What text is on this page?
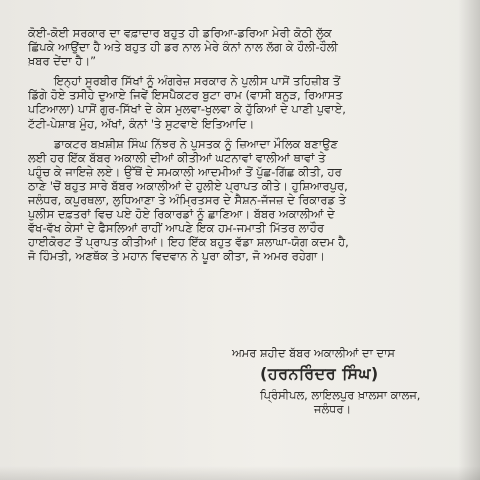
ਕੋਈ-ਕੋਈ ਸਰਕਾਰ ਦਾ ਵਫ਼ਾਦਾਰ ਬਹੁਤ ਹੀ ਡਰਿਆ-ਡਰਿਆ ਮੇਰੀ ਕੋਠੀ ਲੁੱਕ
ਛਿੱਪਕੇ ਆਉਂਦਾ ਹੈ ਅਤੇ ਬਹੁਤ ਹੀ ਡਰ ਨਾਲ ਮੇਰੇ ਕੰਨਾਂ ਨਾਲ ਲੱਗ ਕੇ ਹੌਲੀ-ਹੌਲੀ
ਖ਼ਬਰ ਦੇਂਦਾ ਹੈ।”
ਇਨ੍ਹਾਂ ਸੂਰਬੀਰ ਸਿੱਖਾਂ ਨੂੰ ਅੰਗਰੇਜ਼ ਸਰਕਾਰ ਨੇ ਪੁਲੀਸ ਪਾਸੋਂ ਤਹਿਜ਼ੀਬ ਤੋਂ
ਡਿੱਗੇ ਹੋਏ ਤਸੀਹੇ ਦੁਆਏ ਜਿਵੇਂ ਇਸਪੈਕਟਰ ਬੂਟਾ ਰਾਮ (ਵਾਸੀ ਬਨੂੜ, ਰਿਆਸਤ
ਪਟਿਆਲਾ) ਪਾਸੋਂ ਗੁਰ-ਸਿੱਖਾਂ ਦੇ ਕੇਸ ਮੁਲਵਾ-ਖੁਲਵਾ ਕੇ ਹੁੱਕਿਆਂ ਦੇ ਪਾਣੀ ਪੁਵਾਏ,
ਟੱਟੀ-ਪੇਸ਼ਾਬ ਮੂੰਹ, ਅੱਖਾਂ, ਕੰਨਾਂ 'ਤੇ ਸੁਟਵਾਏ ਇਤਿਆਦਿ।
ਡਾਕਟਰ ਬਖ਼ਸ਼ੀਸ਼ ਸਿੰਘ ਨਿੱਝਰ ਨੇ ਪੁਸਤਕ ਨੂੰ ਜ਼ਿਆਦਾ ਮੌਲਿਕ ਬਣਾਉਣ
ਲਈ ਹਰ ਇੱਕ ਬੱਬਰ ਅਕਾਲੀ ਦੀਆਂ ਕੀਤੀਆਂ ਘਟਨਾਵਾਂ ਵਾਲੀਆਂ ਥਾਵਾਂ ਤੇ
ਪਹੁੰਚ ਕੇ ਜਾਇਜ਼ੇ ਲਏ। ਉੱਥੋਂ ਦੇ ਸਮਕਾਲੀ ਆਦਮੀਆਂ ਤੋਂ ਪੁੱਛ-ਗਿੱਛ ਕੀਤੀ, ਹਰ
ਠਾਣੇ 'ਚੋਂ ਬਹੁਤ ਸਾਰੇ ਬੱਬਰ ਅਕਾਲੀਆਂ ਦੇ ਹੁਲੀਏ ਪ੍ਰਾਪਤ ਕੀਤੇ। ਹੁਸ਼ਿਆਰਪੁਰ,
ਜਲੰਧਰ, ਕਪੂਰਥਲਾ, ਲੁਧਿਆਣਾ ਤੇ ਅੰਮ੍ਰਿਤਸਰ ਦੇ ਸੈਸ਼ਨ-ਜੱਜਜ਼ ਦੇ ਰਿਕਾਰਡ ਤੇ
ਪੁਲੀਸ ਦਫ਼ਤਰਾਂ ਵਿਚ ਪਏ ਹੋਏ ਰਿਕਾਰਡਾਂ ਨੂੰ ਛਾਣਿਆ। ਬੱਬਰ ਅਕਾਲੀਆਂ ਦੇ
ਵੱਖ-ਵੱਖ ਕੇਸਾਂ ਦੇ ਫੈਸਲਿਆਂ ਰਾਹੀਂ ਆਪਣੇ ਇਕ ਹਮ-ਜਮਾਤੀ ਮਿੱਤਰ ਲਾਹੌਰ
ਹਾਈਕੋਰਟ ਤੋਂ ਪ੍ਰਾਪਤ ਕੀਤੀਆਂ। ਇਹ ਇੱਕ ਬਹੁਤ ਵੱਡਾ ਸ਼ਲਾਘਾ-ਯੋਗ ਕਦਮ ਹੈ,
ਜੋ ਹਿੰਮਤੀ, ਅਣਥੱਕ ਤੇ ਮਹਾਨ ਵਿਦਵਾਨ ਨੇ ਪੂਰਾ ਕੀਤਾ, ਜੋ ਅਮਰ ਰਹੇਗਾ।
ਅਮਰ ਸ਼ਹੀਦ ਬੱਬਰ ਅਕਾਲੀਆਂ ਦਾ ਦਾਸ
(ਹਰਨਰਿੰਦਰ ਸਿੰਘ)
ਪ੍ਰਿੰਸੀਪਲ, ਲਾਇਲਪੁਰ ਖ਼ਾਲਸਾ ਕਾਲਜ,
ਜਲੰਧਰ।
